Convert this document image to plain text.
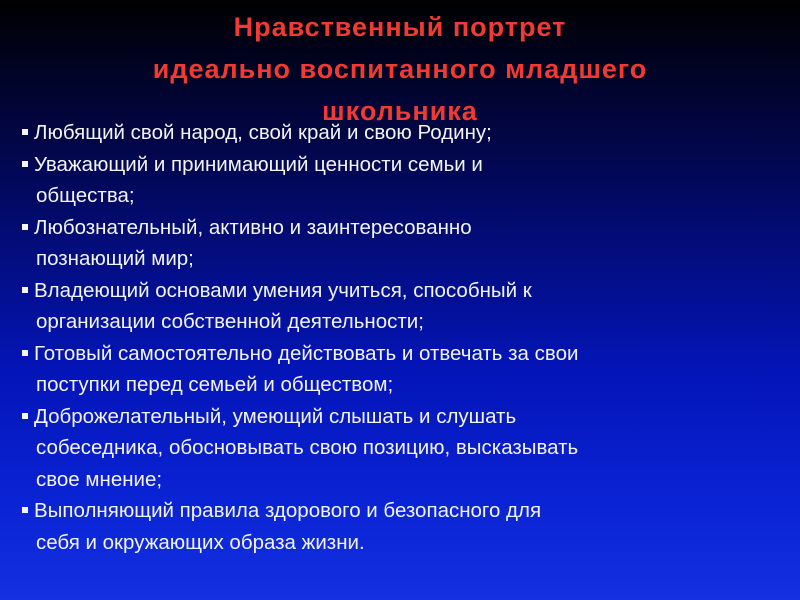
Нравственный портрет
идеально воспитанного младшего
школьника
Любящий свой народ, свой край и свою Родину;
Уважающий и принимающий ценности семьи и
общества;
Любознательный, активно и заинтересованно
познающий мир;
Владеющий основами умения учиться, способный к
организации собственной деятельности;
Готовый самостоятельно действовать и отвечать за свои
поступки перед семьей и обществом;
Доброжелательный, умеющий слышать и слушать
собеседника, обосновывать свою позицию, высказывать
свое мнение;
Выполняющий правила здорового и безопасного для
себя и окружающих образа жизни.
